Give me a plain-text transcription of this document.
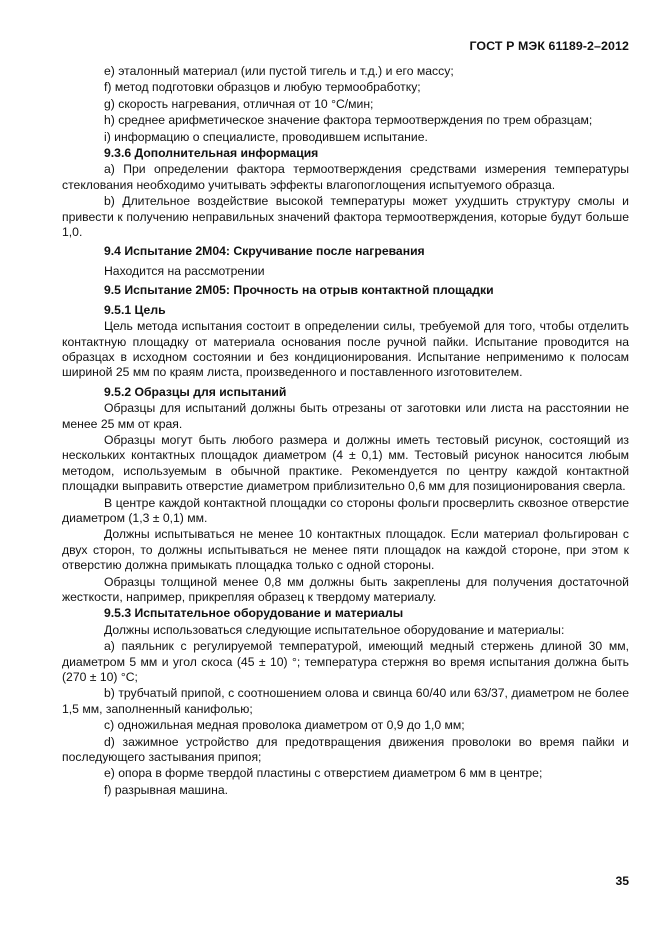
ГОСТ Р МЭК 61189-2–2012
e) эталонный материал (или пустой тигель и т.д.) и его массу;
f) метод подготовки образцов и любую термообработку;
g) скорость нагревания, отличная от 10 °С/мин;
h) среднее арифметическое значение фактора термоотверждения по трем образцам;
i) информацию о специалисте, проводившем испытание.
9.3.6 Дополнительная информация
a) При определении фактора термоотверждения средствами измерения температуры стеклования необходимо учитывать эффекты влагопоглощения испытуемого образца.
b) Длительное воздействие высокой температуры может ухудшить структуру смолы и привести к получению неправильных значений фактора термоотверждения, которые будут больше 1,0.
9.4 Испытание 2М04: Скручивание после нагревания
Находится на рассмотрении
9.5 Испытание 2М05: Прочность на отрыв контактной площадки
9.5.1 Цель
Цель метода испытания состоит в определении силы, требуемой для того, чтобы отделить контактную площадку от материала основания после ручной пайки. Испытание проводится на образцах в исходном состоянии и без кондиционирования. Испытание неприменимо к полосам шириной 25 мм по краям листа, произведенного и поставленного изготовителем.
9.5.2 Образцы для испытаний
Образцы для испытаний должны быть отрезаны от заготовки или листа на расстоянии не менее 25 мм от края.
Образцы могут быть любого размера и должны иметь тестовый рисунок, состоящий из нескольких контактных площадок диаметром (4 ± 0,1) мм. Тестовый рисунок наносится любым методом, используемым в обычной практике. Рекомендуется по центру каждой контактной площадки выправить отверстие диаметром приблизительно 0,6 мм для позиционирования сверла.
В центре каждой контактной площадки со стороны фольги просверлить сквозное отверстие диаметром (1,3 ± 0,1) мм.
Должны испытываться не менее 10 контактных площадок. Если материал фольгирован с двух сторон, то должны испытываться не менее пяти площадок на каждой стороне, при этом к отверстию должна примыкать площадка только с одной стороны.
Образцы толщиной менее 0,8 мм должны быть закреплены для получения достаточной жесткости, например, прикрепляя образец к твердому материалу.
9.5.3 Испытательное оборудование и материалы
Должны использоваться следующие испытательное оборудование и материалы:
a) паяльник с регулируемой температурой, имеющий медный стержень длиной 30 мм, диаметром 5 мм и угол скоса (45 ± 10) °; температура стержня во время испытания должна быть (270 ± 10) °С;
b) трубчатый припой, с соотношением олова и свинца 60/40 или 63/37, диаметром не более 1,5 мм, заполненный канифолью;
c) одножильная медная проволока диаметром от 0,9 до 1,0 мм;
d) зажимное устройство для предотвращения движения проволоки во время пайки и последующего застывания припоя;
e) опора в форме твердой пластины с отверстием диаметром 6 мм в центре;
f) разрывная машина.
35
